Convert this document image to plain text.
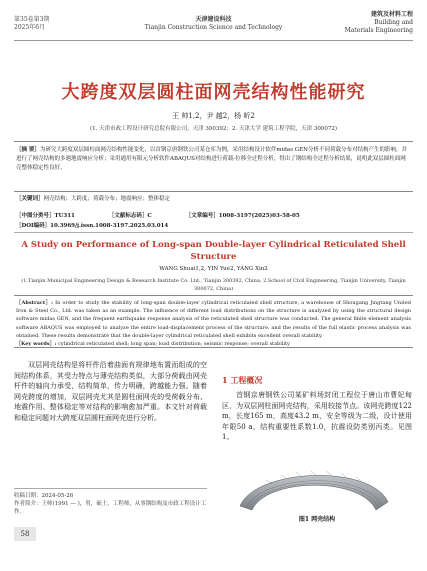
第35卷第3期
2025年6月
天津建设科技
Tianjin Construction Science and Technology
建筑及材料工程
Building and
Materials Engineering
大跨度双层圆柱面网壳结构性能研究
王 帅1,2，尹 越2，杨 昕2
(1. 天津市政工程设计研究总院有限公司，天津 300392；2. 天津大学 建筑工程学院，天津 300072)
［摘 要］为研究大跨度双层圆柱面网壳结构性能变化，以首钢京唐钢铁公司某仓库为例，采用结构设计软件midas GEN分析不同荷载分布对结构产生的影响，并进行了网壳结构的多遇地震响应分析；采用通用有限元分析软件ABAQUS对结构进行荷载-位移全过程分析，得出了钢结构全过程分析结果，说明此双层圆柱面网壳整体稳定性良好。
［关键词］网壳结构；大跨度；荷载分布；地震响应；整体稳定
［中图分类号］TU311	［文献标志码］C	［文章编号］1008-3197(2025)03-58-05
［DOI编码］10.3969/j.issn.1008-3197.2025.03.014
A Study on Performance of Long-span Double-layer Cylindrical Reticulated Shell Structure
WANG Shuai1,2, YIN Yue2, YANG Xin2
(1.Tianjin Municipal Engineering Design & Research Institute Co. Ltd., Tianjin 300392, China; 2.School of Civil Engineering, Tianjin University, Tianjin 300072, China)
［Abstract］: In order to study the stability of long-span double-layer cylindrical reticulated shell structure, a warehouse of Shougang Jingtang United Iron & Steel Co., Ltd. was taken as an example. The influence of different load distributions on the structure is analyzed by using the structural design software midas GEN, and the frequent earthquake response analysis of the reticulated shell structure was conducted. The general finite element analysis software ABAQUS was employed to analyze the entire load-displacement process of the structure, and the results of the full elastic process analysis was obtained. These results demonstrate that the double-layer cylindrical reticulated shell exhibits excellent overall stability.
［Key words］: cylindrical reticulated shell; long span; load distribution; seismic response; overall stability
双层网壳结构是将杆件沿着曲面有规律地布置而组成的空间结构体系，其受力特点与薄壳结构类似，大部分荷载由网壳杆件的轴向力承受，结构简单，传力明确，跨越能力强。随着网壳跨度的增加，双层网壳尤其是圆柱面网壳的受荷载分布、地震作用、整体稳定等对结构的影响愈加严重。本文针对荷载和稳定问题对大跨度双层圆柱面网壳进行分析。
收稿日期：2024-05-26
作者简介：王帅(1991 — )，男，硕士，工程师，从事钢结构及市政工程设计工作。
58
1 工程概况
首钢京唐钢铁公司某矿料场封闭工程位于唐山市曹妃甸区，为双层网柱面网壳结构，采用较接节点。该网壳跨度122 m，长度165 m，高度43.2 m，安全等级为二级，设计使用年限50 a，结构重要性系数1.0，抗震设防类别丙类。见图1。
图1 网壳结构
